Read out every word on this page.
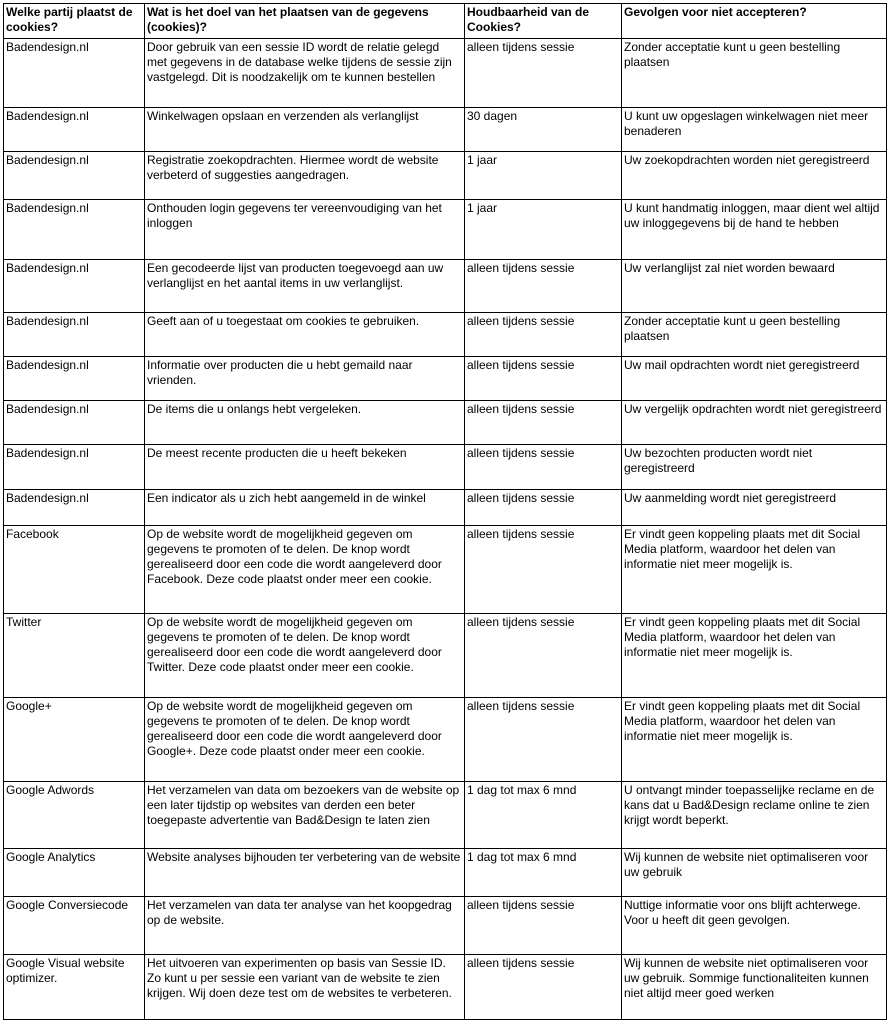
Welke partij plaatst de cookies?	Wat is het doel van het plaatsen van de gegevens (cookies)?	Houdbaarheid van de Cookies?	Gevolgen voor niet accepteren?
Badendesign.nl	Door gebruik van een sessie ID wordt de relatie gelegd met gegevens in de database welke tijdens de sessie zijn vastgelegd. Dit is noodzakelijk om te kunnen bestellen	alleen tijdens sessie	Zonder acceptatie kunt u geen bestelling plaatsen
Badendesign.nl	Winkelwagen opslaan en verzenden als verlanglijst	30 dagen	U kunt uw opgeslagen winkelwagen niet meer benaderen
Badendesign.nl	Registratie zoekopdrachten. Hiermee wordt de website verbeterd of suggesties aangedragen.	1 jaar	Uw zoekopdrachten worden niet geregistreerd
Badendesign.nl	Onthouden login gegevens ter vereenvoudiging van het inloggen	1 jaar	U kunt handmatig inloggen, maar dient wel altijd uw inloggegevens bij de hand te hebben
Badendesign.nl	Een gecodeerde lijst van producten toegevoegd aan uw verlanglijst en het aantal items in uw verlanglijst.	alleen tijdens sessie	Uw verlanglijst zal niet worden bewaard
Badendesign.nl	Geeft aan of u toegestaat om cookies te gebruiken.	alleen tijdens sessie	Zonder acceptatie kunt u geen bestelling plaatsen
Badendesign.nl	Informatie over producten die u hebt gemaild naar vrienden.	alleen tijdens sessie	Uw mail opdrachten wordt niet geregistreerd
Badendesign.nl	De items die u onlangs hebt vergeleken.	alleen tijdens sessie	Uw vergelijk opdrachten wordt niet geregistreerd
Badendesign.nl	De meest recente producten die u heeft bekeken	alleen tijdens sessie	Uw bezochten producten wordt niet geregistreerd
Badendesign.nl	Een indicator als u zich hebt aangemeld in de winkel	alleen tijdens sessie	Uw aanmelding wordt niet geregistreerd
Facebook	Op de website wordt de mogelijkheid gegeven om gegevens te promoten of te delen. De knop wordt gerealiseerd door een code die wordt aangeleverd door Facebook. Deze code plaatst onder meer een cookie.	alleen tijdens sessie	Er vindt geen koppeling plaats met dit Social Media platform, waardoor het delen van informatie niet meer mogelijk is.
Twitter	Op de website wordt de mogelijkheid gegeven om gegevens te promoten of te delen. De knop wordt gerealiseerd door een code die wordt aangeleverd door Twitter. Deze code plaatst onder meer een cookie.	alleen tijdens sessie	Er vindt geen koppeling plaats met dit Social Media platform, waardoor het delen van informatie niet meer mogelijk is.
Google+	Op de website wordt de mogelijkheid gegeven om gegevens te promoten of te delen. De knop wordt gerealiseerd door een code die wordt aangeleverd door Google+. Deze code plaatst onder meer een cookie.	alleen tijdens sessie	Er vindt geen koppeling plaats met dit Social Media platform, waardoor het delen van informatie niet meer mogelijk is.
Google Adwords	Het verzamelen van data om bezoekers van de website op een later tijdstip op websites van derden een beter toegepaste advertentie van Bad&Design te laten zien	1 dag tot max 6 mnd	U ontvangt minder toepasselijke reclame en de kans dat u Bad&Design reclame online te zien krijgt wordt beperkt.
Google Analytics	Website analyses bijhouden ter verbetering van de website	1 dag tot max 6 mnd	Wij kunnen de website niet optimaliseren voor uw gebruik
Google Conversiecode	Het verzamelen van data ter analyse van het koopgedrag op de website.	alleen tijdens sessie	Nuttige informatie voor ons blijft achterwege. Voor u heeft dit geen gevolgen.
Google Visual website optimizer.	Het uitvoeren van experimenten op basis van Sessie ID. Zo kunt u per sessie een variant van de website te zien krijgen. Wij doen deze test om de websites te verbeteren.	alleen tijdens sessie	Wij kunnen de website niet optimaliseren voor uw gebruik. Sommige functionaliteiten kunnen niet altijd meer goed werken
